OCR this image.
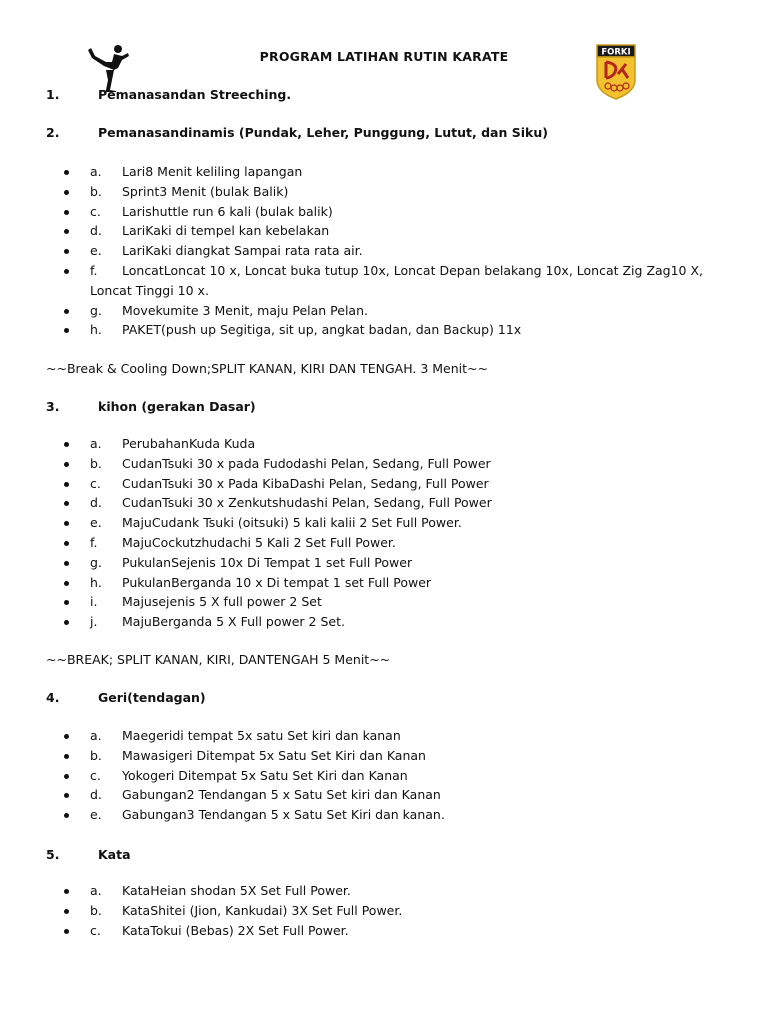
PROGRAM LATIHAN RUTIN KARATE	FORKI
1.	Pemanasandan Streeching.
2.	Pemanasandinamis (Pundak, Leher, Punggung, Lutut, dan Siku)
a. Lari8 Menit keliling lapangan
b. Sprint3 Menit (bulak Balik)
c. Larishuttle run 6 kali (bulak balik)
d. LariKaki di tempel kan kebelakan
e. LariKaki diangkat Sampai rata rata air.
f. LoncatLoncat 10 x, Loncat buka tutup 10x, Loncat Depan belakang 10x, Loncat Zig Zag10 X, Loncat Tinggi 10 x.
g. Movekumite 3 Menit, maju Pelan Pelan.
h. PAKET(push up Segitiga, sit up, angkat badan, dan Backup) 11x
~~Break & Cooling Down;SPLIT KANAN, KIRI DAN TENGAH. 3 Menit~~
3.	kihon (gerakan Dasar)
a. PerubahanKuda Kuda
b. CudanTsuki 30 x pada Fudodashi Pelan, Sedang, Full Power
c. CudanTsuki 30 x Pada KibaDashi Pelan, Sedang, Full Power
d. CudanTsuki 30 x Zenkutshudashi Pelan, Sedang, Full Power
e. MajuCudank Tsuki (oitsuki) 5 kali kalii 2 Set Full Power.
f. MajuCockutzhudachi 5 Kali 2 Set Full Power.
g. PukulanSejenis 10x Di Tempat 1 set Full Power
h. PukulanBerganda 10 x Di tempat 1 set Full Power
i. Majusejenis 5 X full power 2 Set
j. MajuBerganda 5 X Full power 2 Set.
~~BREAK; SPLIT KANAN, KIRI, DANTENGAH 5 Menit~~
4.	Geri(tendagan)
a. Maegeridi tempat 5x satu Set kiri dan kanan
b. Mawasigeri Ditempat 5x Satu Set Kiri dan Kanan
c. Yokogeri Ditempat 5x Satu Set Kiri dan Kanan
d. Gabungan2 Tendangan 5 x Satu Set kiri dan Kanan
e. Gabungan3 Tendangan 5 x Satu Set Kiri dan kanan.
5.	Kata
a. KataHeian shodan 5X Set Full Power.
b. KataShitei (Jion, Kankudai) 3X Set Full Power.
c. KataTokui (Bebas) 2X Set Full Power.
